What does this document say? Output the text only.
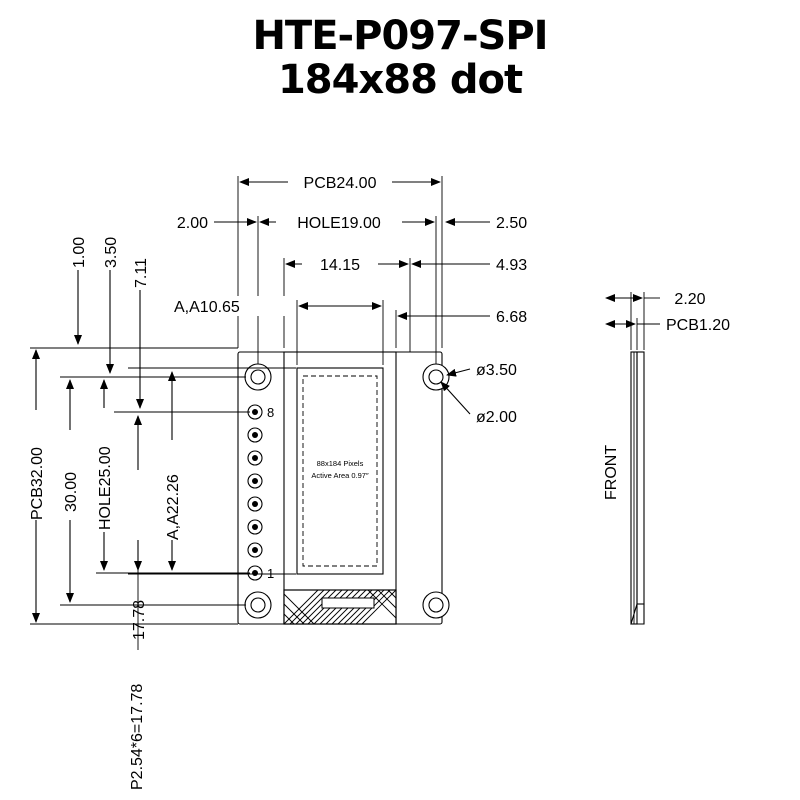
HTE-P097-SPI
184x88 dot
88x184 Pixels
Active Area 0.97″
8
1
PCB24.00
HOLE19.00
2.00	2.50
14.15	4.93
A,A10.65
6.68
1.00 3.50
7.11
PCB32.00 30.00 HOLE25.00	A,A22.26
17.78
P2.54*6=17.78
ø3.50
ø2.00
2.20
PCB1.20
FRONT
